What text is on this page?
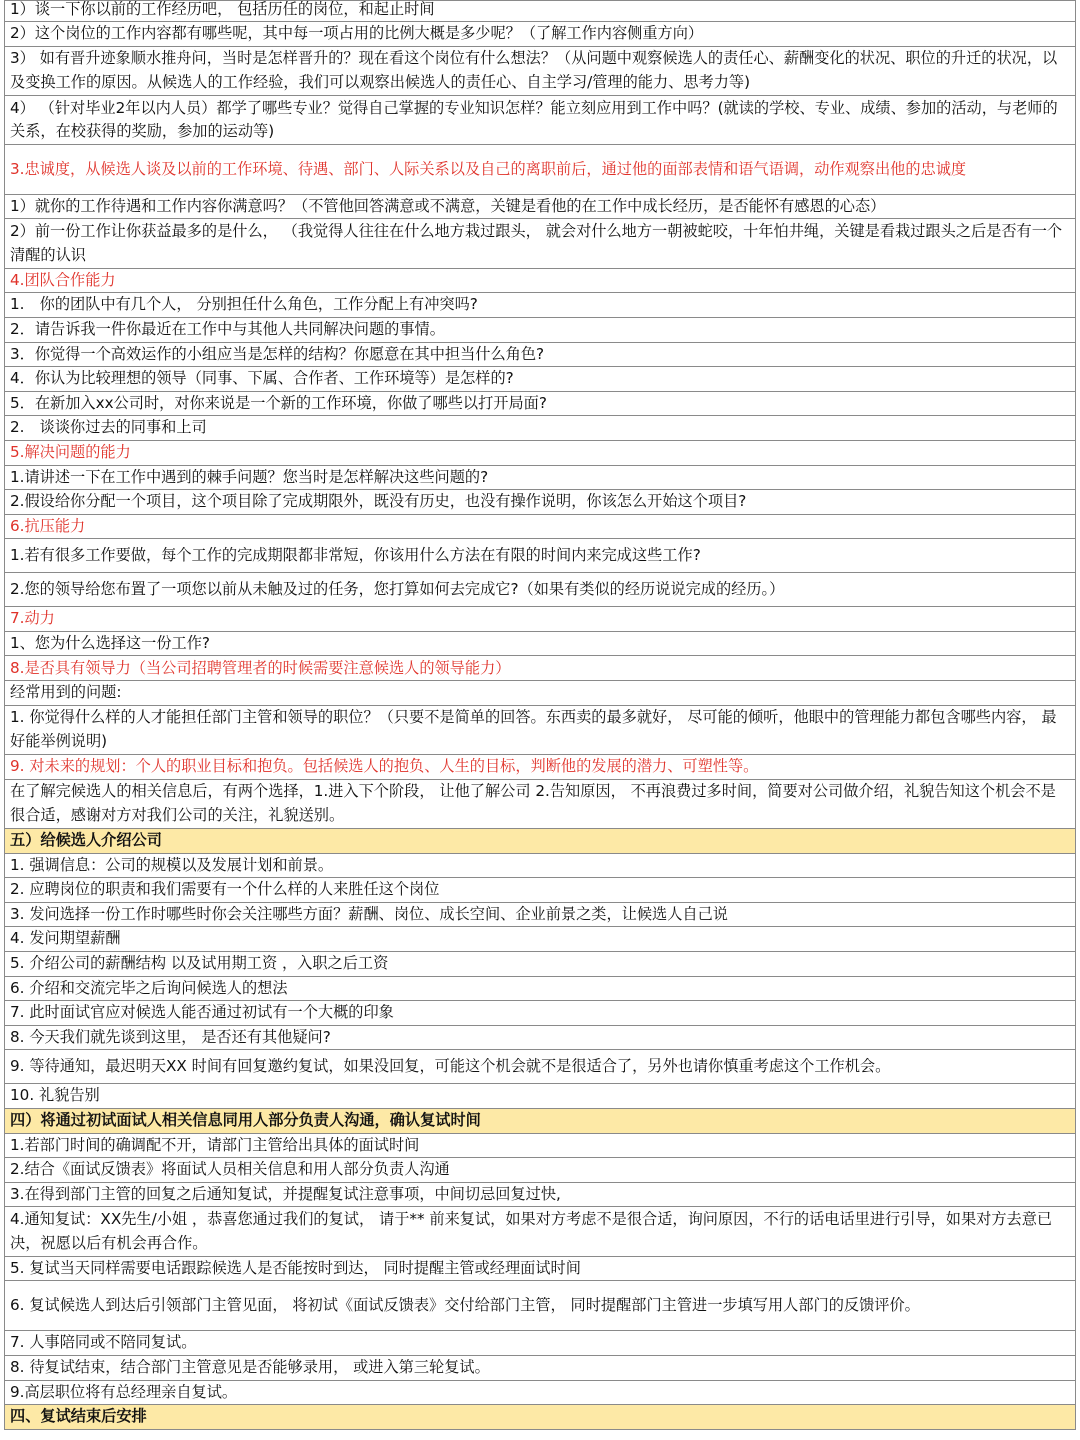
1）谈一下你以前的工作经历吧， 包括历任的岗位，和起止时间
2）这个岗位的工作内容都有哪些呢，其中每一项占用的比例大概是多少呢？（了解工作内容侧重方向）
3） 如有晋升迹象顺水推舟问，当时是怎样晋升的？现在看这个岗位有什么想法？（从问题中观察候选人的责任心、薪酬变化的状况、职位的升迁的状况，以及变换工作的原因。从候选人的工作经验，我们可以观察出候选人的责任心、自主学习/管理的能力、思考力等)
4） （针对毕业2年以内人员）都学了哪些专业？觉得自己掌握的专业知识怎样？能立刻应用到工作中吗？(就读的学校、专业、成绩、参加的活动，与老师的关系，在校获得的奖励，参加的运动等)
3.忠诚度，从候选人谈及以前的工作环境、待遇、部门、人际关系以及自己的离职前后，通过他的面部表情和语气语调，动作观察出他的忠诚度
1）就你的工作待遇和工作内容你满意吗？（不管他回答满意或不满意，关键是看他的在工作中成长经历，是否能怀有感恩的心态）
2）前一份工作让你获益最多的是什么， （我觉得人往往在什么地方栽过跟头， 就会对什么地方一朝被蛇咬，十年怕井绳，关键是看栽过跟头之后是否有一个清醒的认识
4.团队合作能力
1.　你的团队中有几个人， 分别担任什么角色，工作分配上有冲突吗?
2．请告诉我一件你最近在工作中与其他人共同解决问题的事情。
3．你觉得一个高效运作的小组应当是怎样的结构？你愿意在其中担当什么角色?
4．你认为比较理想的领导（同事、下属、合作者、工作环境等）是怎样的?
5．在新加入xx公司时，对你来说是一个新的工作环境，你做了哪些以打开局面?
2.　谈谈你过去的同事和上司
5.解决问题的能力
1.请讲述一下在工作中遇到的棘手问题？您当时是怎样解决这些问题的?
2.假设给你分配一个项目，这个项目除了完成期限外，既没有历史，也没有操作说明，你该怎么开始这个项目?
6.抗压能力
1.若有很多工作要做，每个工作的完成期限都非常短，你该用什么方法在有限的时间内来完成这些工作?
2.您的领导给您布置了一项您以前从未触及过的任务，您打算如何去完成它?（如果有类似的经历说说完成的经历。）
7.动力
1、您为什么选择这一份工作?
8.是否具有领导力（当公司招聘管理者的时候需要注意候选人的领导能力）
经常用到的问题:
1. 你觉得什么样的人才能担任部门主管和领导的职位？（只要不是简单的回答。东西卖的最多就好， 尽可能的倾听，他眼中的管理能力都包含哪些内容， 最好能举例说明)
9. 对未来的规划：个人的职业目标和抱负。包括候选人的抱负、人生的目标，判断他的发展的潜力、可塑性等。
在了解完候选人的相关信息后，有两个选择，1.进入下个阶段， 让他了解公司 2.告知原因， 不再浪费过多时间，简要对公司做介绍，礼貌告知这个机会不是很合适，感谢对方对我们公司的关注，礼貌送别。
五）给候选人介绍公司
1. 强调信息：公司的规模以及发展计划和前景。
2. 应聘岗位的职责和我们需要有一个什么样的人来胜任这个岗位
3. 发问选择一份工作时哪些时你会关注哪些方面？薪酬、岗位、成长空间、企业前景之类，让候选人自己说
4. 发问期望薪酬
5. 介绍公司的薪酬结构 以及试用期工资 ，入职之后工资
6. 介绍和交流完毕之后询问候选人的想法
7. 此时面试官应对候选人能否通过初试有一个大概的印象
8. 今天我们就先谈到这里， 是否还有其他疑问?
9. 等待通知，最迟明天XX 时间有回复邀约复试，如果没回复，可能这个机会就不是很适合了，另外也请你慎重考虑这个工作机会。
10. 礼貌告别
四）将通过初试面试人相关信息同用人部分负责人沟通，确认复试时间
1.若部门时间的确调配不开，请部门主管给出具体的面试时间
2.结合《面试反馈表》将面试人员相关信息和用人部分负责人沟通
3.在得到部门主管的回复之后通知复试，并提醒复试注意事项，中间切忌回复过快,
4.通知复试：XX先生/小姐 ，恭喜您通过我们的复试， 请于** 前来复试，如果对方考虑不是很合适，询问原因，不行的话电话里进行引导，如果对方去意已决，祝愿以后有机会再合作。
5. 复试当天同样需要电话跟踪候选人是否能按时到达， 同时提醒主管或经理面试时间
6. 复试候选人到达后引领部门主管见面， 将初试《面试反馈表》交付给部门主管， 同时提醒部门主管进一步填写用人部门的反馈评价。
7. 人事陪同或不陪同复试。
8. 待复试结束，结合部门主管意见是否能够录用， 或进入第三轮复试。
9.高层职位将有总经理亲自复试。
四、复试结束后安排
